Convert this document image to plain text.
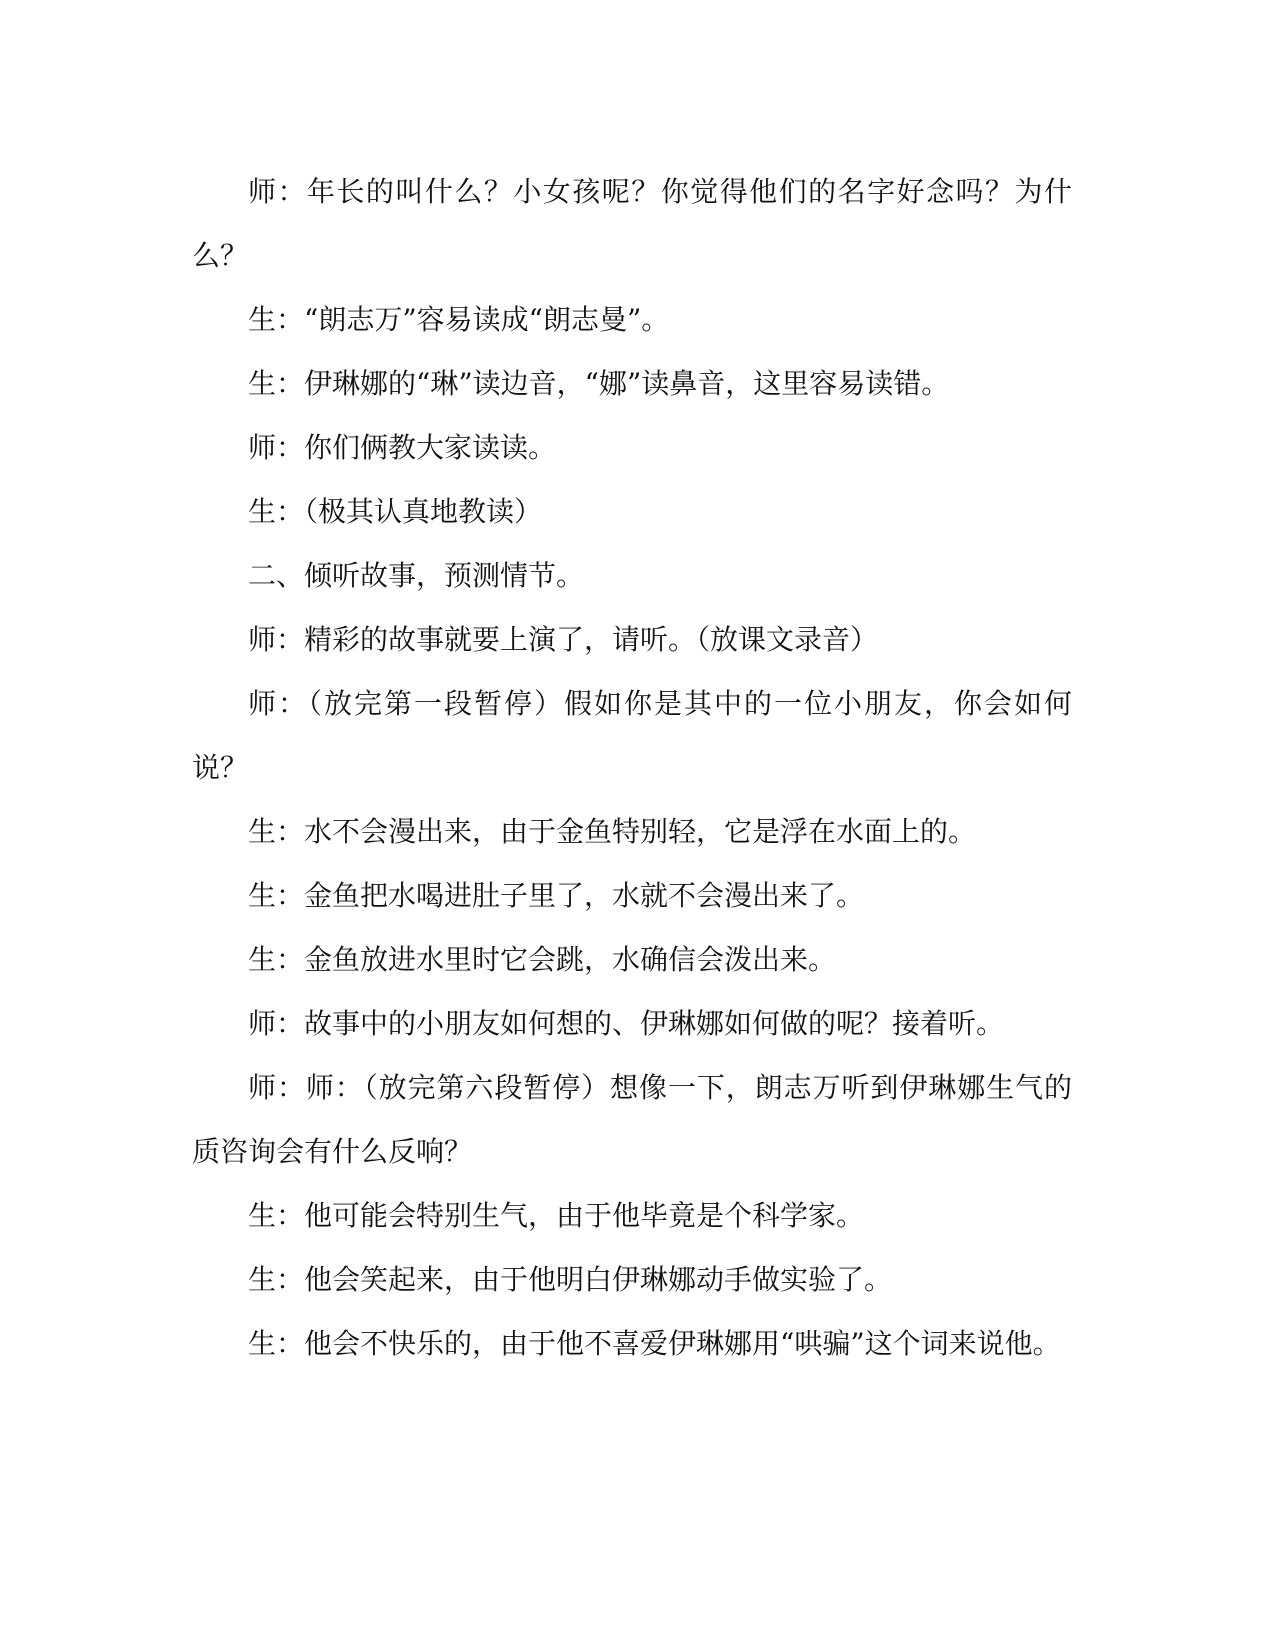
师：年长的叫什么？小女孩呢？你觉得他们的名字好念吗？为什么？

生：“朗志万”容易读成“朗志曼”。

生：伊琳娜的“琳”读边音，“娜”读鼻音，这里容易读错。

师：你们俩教大家读读。

生：（极其认真地教读）

二、倾听故事，预测情节。

师：精彩的故事就要上演了，请听。（放课文录音）

师：（放完第一段暂停）假如你是其中的一位小朋友，你会如何说？

生：水不会漫出来，由于金鱼特别轻，它是浮在水面上的。

生：金鱼把水喝进肚子里了，水就不会漫出来了。

生：金鱼放进水里时它会跳，水确信会泼出来。

师：故事中的小朋友如何想的、伊琳娜如何做的呢？接着听。

师：师：（放完第六段暂停）想像一下，朗志万听到伊琳娜生气的质咨询会有什么反响？

生：他可能会特别生气，由于他毕竟是个科学家。

生：他会笑起来，由于他明白伊琳娜动手做实验了。

生：他会不快乐的，由于他不喜爱伊琳娜用“哄骗”这个词来说他。
